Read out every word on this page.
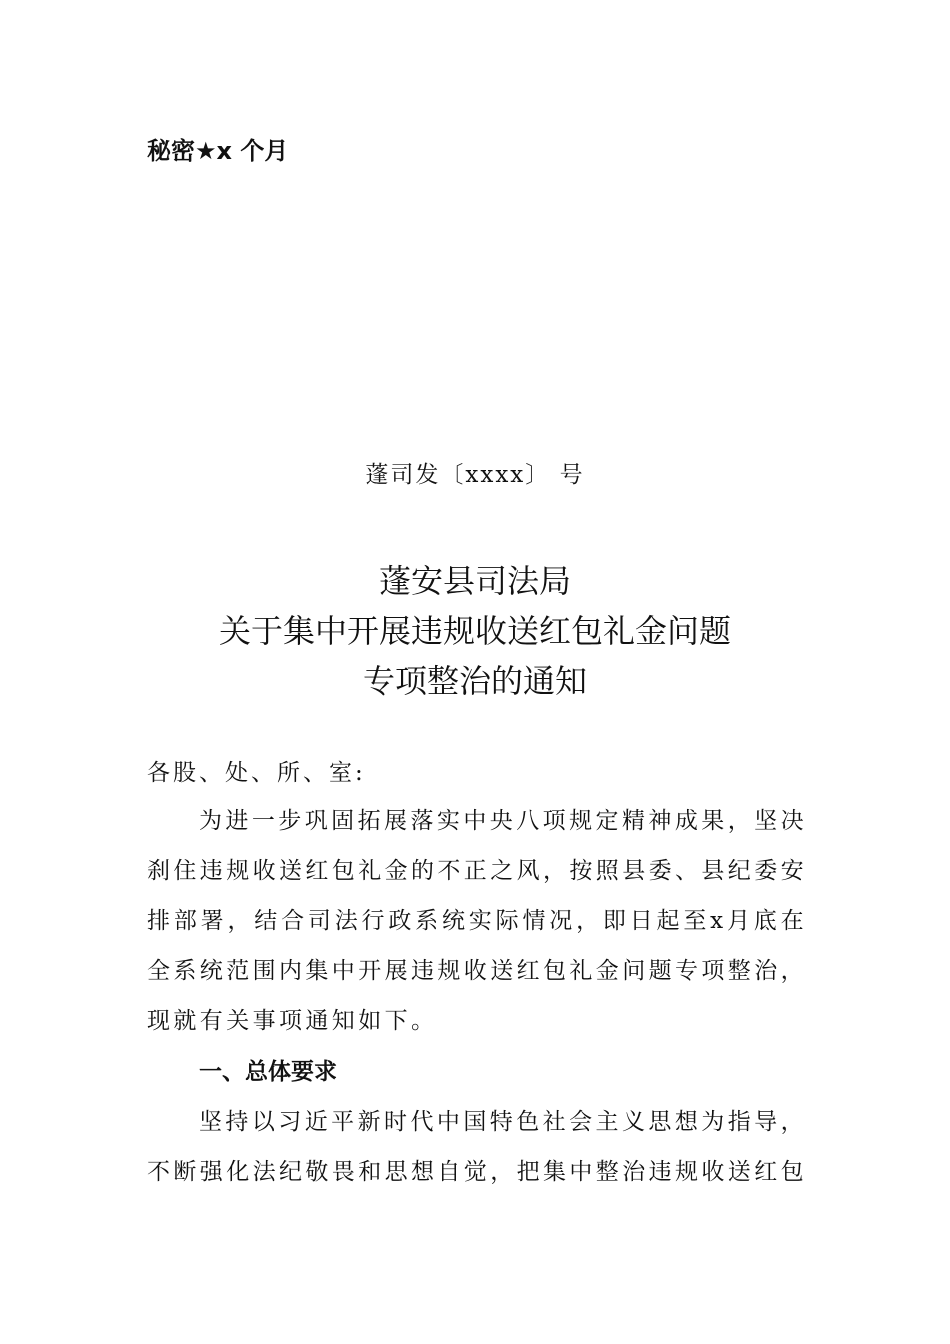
秘密★x 个月
蓬司发〔xxxx〕 号
蓬安县司法局
关于集中开展违规收送红包礼金问题
专项整治的通知
各股、处、所、室:

为进一步巩固拓展落实中央八项规定精神成果，坚决刹住违规收送红包礼金的不正之风，按照县委、县纪委安排部署，结合司法行政系统实际情况，即日起至x月底在全系统范围内集中开展违规收送红包礼金问题专项整治，现就有关事项通知如下。

一、总体要求

坚持以习近平新时代中国特色社会主义思想为指导，不断强化法纪敬畏和思想自觉，把集中整治违规收送红包
